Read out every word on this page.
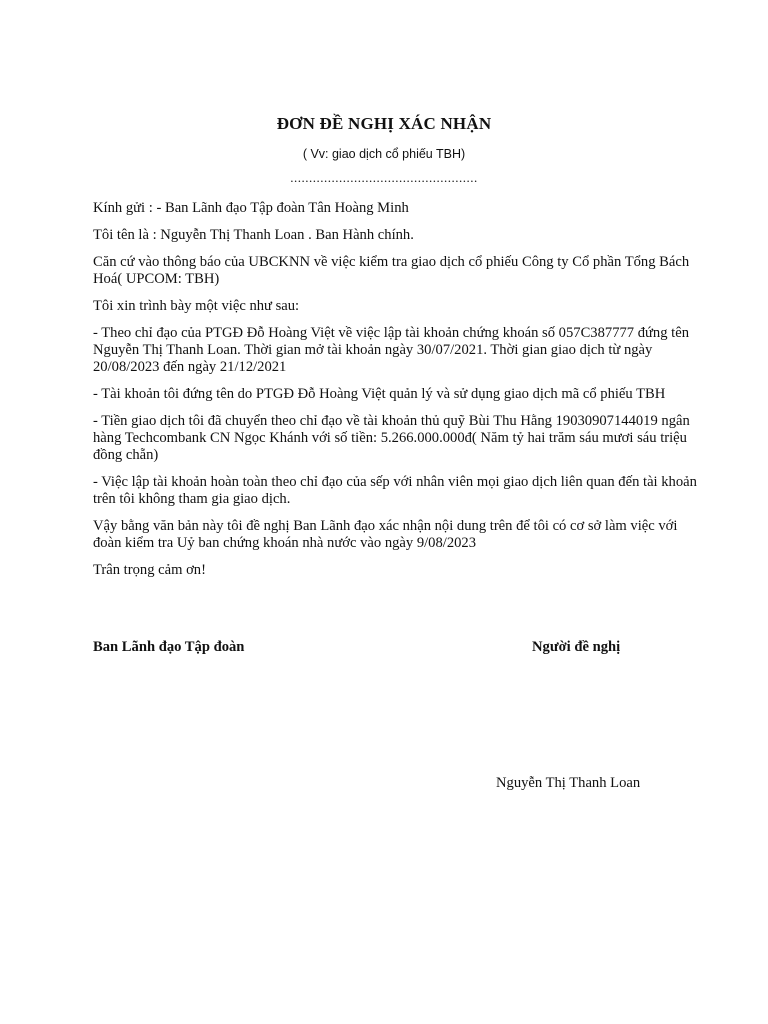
ĐƠN ĐỀ NGHỊ XÁC NHẬN
( Vv: giao dịch cổ phiếu TBH)
..................................................

Kính gửi : - Ban Lãnh đạo Tập đoàn Tân Hoàng Minh

Tôi tên là : Nguyễn Thị Thanh Loan . Ban Hành chính.

Căn cứ vào thông báo của UBCKNN về việc kiểm tra giao dịch cổ phiếu Công ty Cổ phần Tổng Bách Hoá( UPCOM: TBH)

Tôi xin trình bày một việc như sau:

- Theo chỉ đạo của PTGĐ Đỗ Hoàng Việt về việc lập tài khoản chứng khoán số 057C387777 đứng tên Nguyễn Thị Thanh Loan. Thời gian mở tài khoản ngày 30/07/2021. Thời gian giao dịch từ ngày 20/08/2023 đến ngày 21/12/2021

- Tài khoản tôi đứng tên do PTGĐ Đỗ Hoàng Việt quản lý và sử dụng giao dịch mã cổ phiếu TBH

- Tiền giao dịch tôi đã chuyển theo chỉ đạo về tài khoản thủ quỹ Bùi Thu Hằng 19030907144019 ngân hàng Techcombank CN Ngọc Khánh với số tiền: 5.266.000.000đ( Năm tỷ hai trăm sáu mươi sáu triệu đồng chẵn)

- Việc lập tài khoản hoàn toàn theo chỉ đạo của sếp với nhân viên mọi giao dịch liên quan đến tài khoản trên tôi không tham gia giao dịch.

Vậy bằng văn bản này tôi đề nghị Ban Lãnh đạo xác nhận nội dung trên để tôi có cơ sở làm việc với đoàn kiểm tra Uỷ ban chứng khoán nhà nước vào ngày 9/08/2023

Trân trọng cảm ơn!

Ban Lãnh đạo Tập đoàn	Người đề nghị
Nguyễn Thị Thanh Loan
